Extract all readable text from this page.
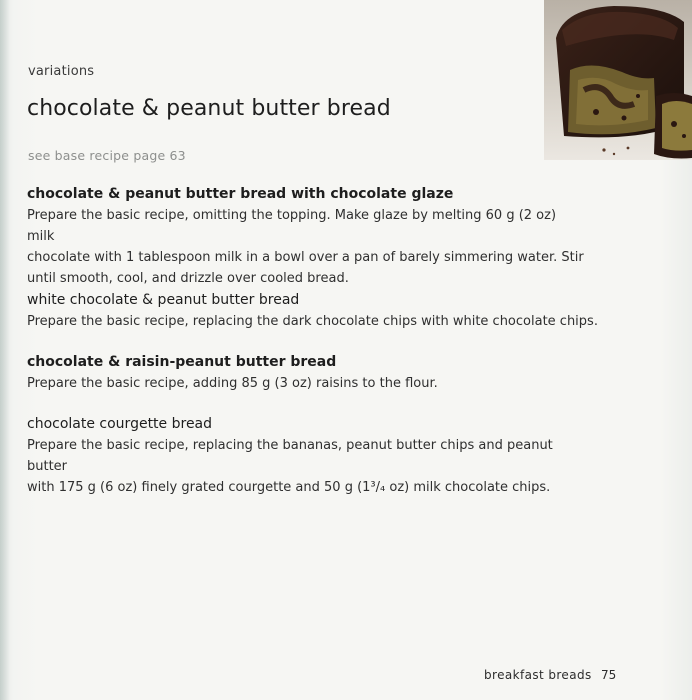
variations
chocolate & peanut butter bread
see base recipe page 63
chocolate & peanut butter bread with chocolate glaze
Prepare the basic recipe, omitting the topping. Make glaze by melting 60 g (2 oz) milk
chocolate with 1 tablespoon milk in a bowl over a pan of barely simmering water. Stir
until smooth, cool, and drizzle over cooled bread.
white chocolate & peanut butter bread
Prepare the basic recipe, replacing the dark chocolate chips with white chocolate chips.
chocolate & raisin-peanut butter bread
Prepare the basic recipe, adding 85 g (3 oz) raisins to the flour.
chocolate courgette bread
Prepare the basic recipe, replacing the bananas, peanut butter chips and peanut butter
with 175 g (6 oz) finely grated courgette and 50 g (1³/₄ oz) milk chocolate chips.
breakfast breads 75
